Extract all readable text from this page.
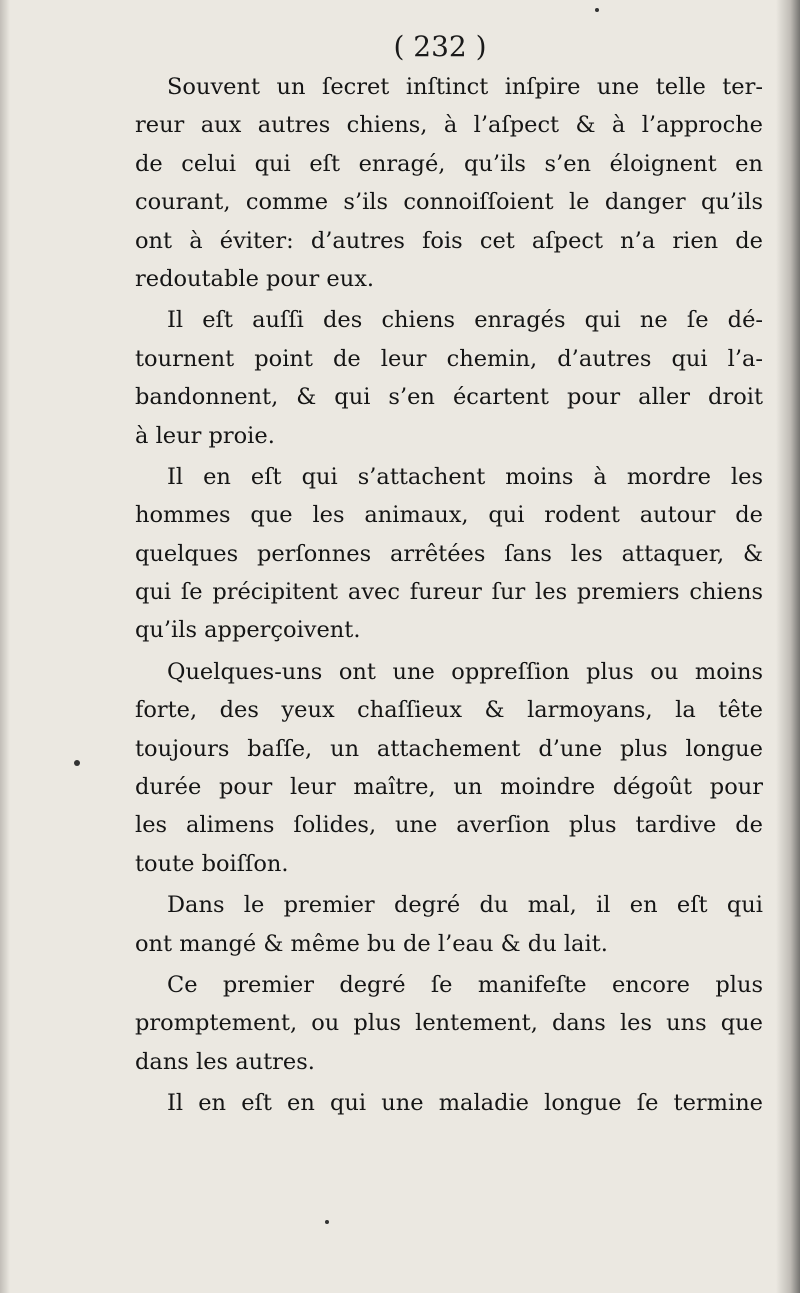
( 232 )
Souvent un ſecret inſtinct inſpire une telle ter-
reur aux autres chiens, à l’aſpect & à l’approche
de celui qui eſt enragé, qu’ils s’en éloignent en
courant, comme s’ils connoiſſoient le danger qu’ils
ont à éviter: d’autres fois cet aſpect n’a rien de
redoutable pour eux.
Il eſt auſſi des chiens enragés qui ne ſe dé-
tournent point de leur chemin, d’autres qui l’a-
bandonnent, & qui s’en écartent pour aller droit
à leur proie.
Il en eſt qui s’attachent moins à mordre les
hommes que les animaux, qui rodent autour de
quelques perſonnes arrêtées ſans les attaquer, &
qui ſe précipitent avec fureur ſur les premiers chiens
qu’ils apperçoivent.
Quelques-uns ont une oppreſſion plus ou moins
forte, des yeux chaſſieux & larmoyans, la tête
toujours baſſe, un attachement d’une plus longue
durée pour leur maître, un moindre dégoût pour
les alimens ſolides, une averſion plus tardive de
toute boiſſon.
Dans le premier degré du mal, il en eſt qui
ont mangé & même bu de l’eau & du lait.
Ce premier degré ſe manifeſte encore plus
promptement, ou plus lentement, dans les uns que
dans les autres.
Il en eſt en qui une maladie longue ſe termine
